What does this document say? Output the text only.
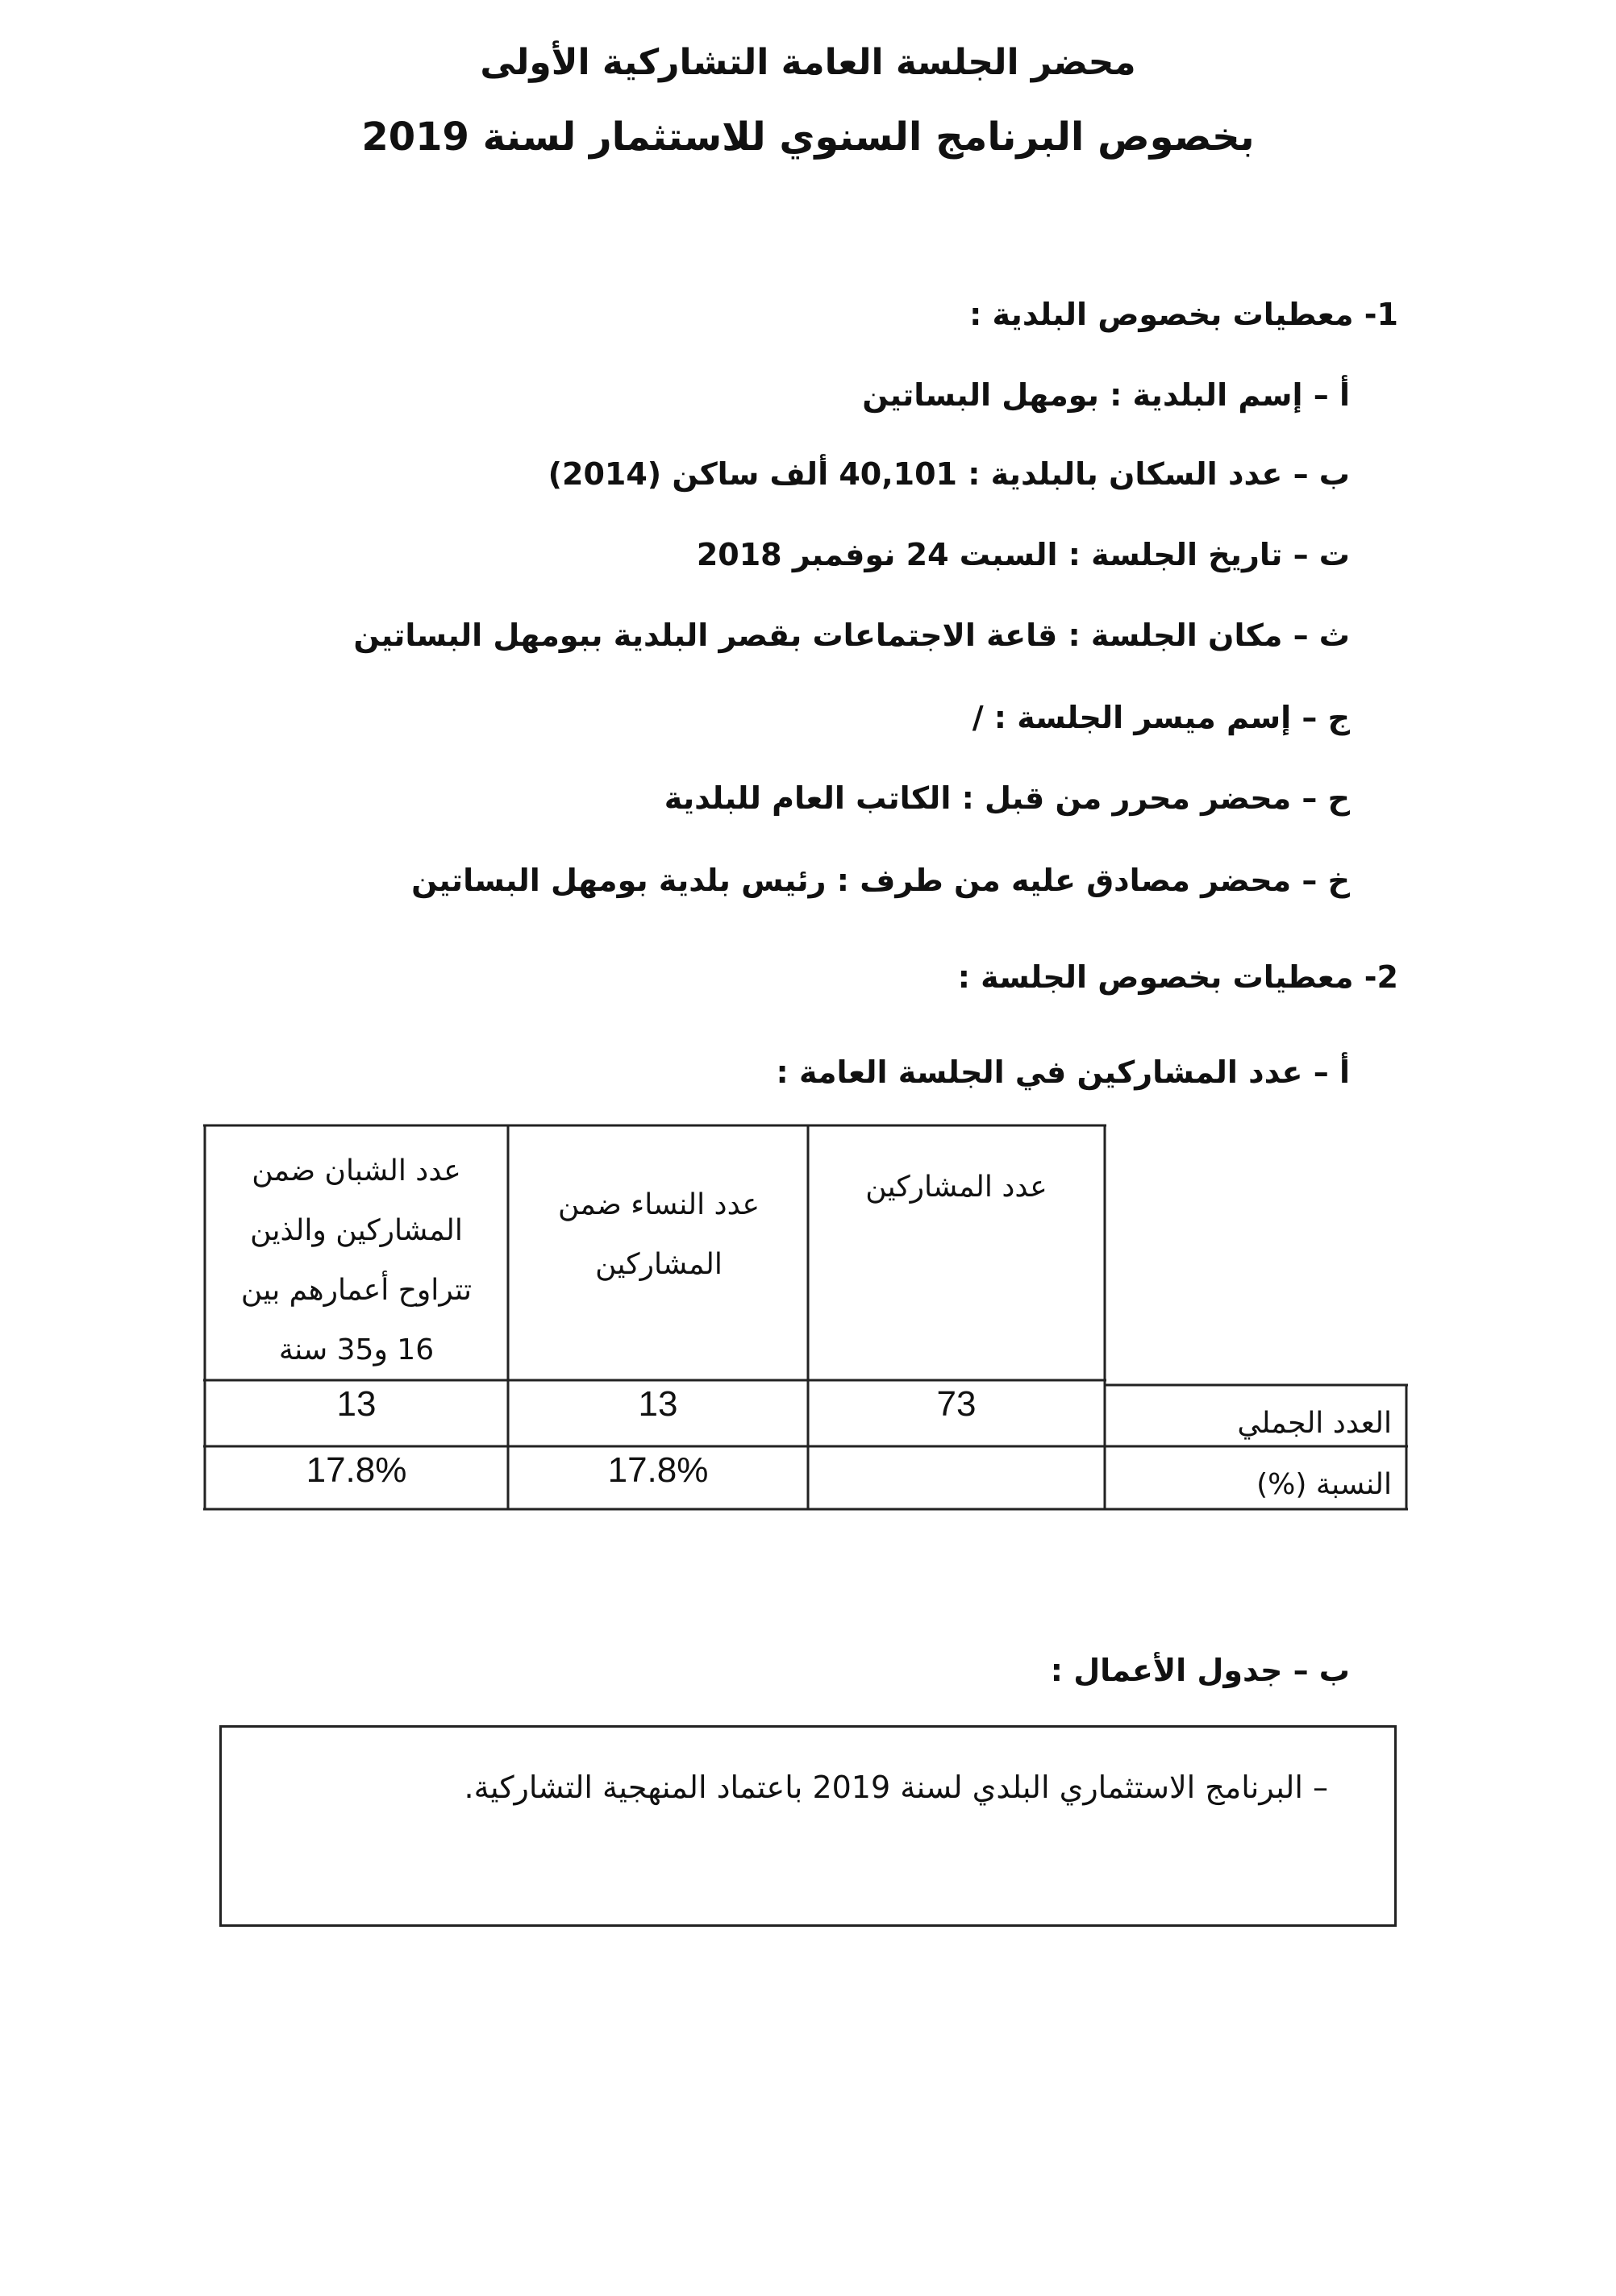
محضر الجلسة العامة التشاركية الأولى
بخصوص البرنامج السنوي للاستثمار لسنة 2019
1- معطيات بخصوص البلدية :
أ – إسم البلدية : بومهل البساتين
ب – عدد السكان بالبلدية : 40,101 ألف ساكن (2014)
ت – تاريخ الجلسة : السبت 24 نوفمبر 2018
ث – مكان الجلسة : قاعة الاجتماعات بقصر البلدية ببومهل البساتين
ج – إسم ميسر الجلسة : /
ح – محضر محرر من قبل : الكاتب العام للبلدية
خ – محضر مصادق عليه من طرف : رئيس بلدية بومهل البساتين
2- معطيات بخصوص الجلسة :
أ – عدد المشاركين في الجلسة العامة :
عدد المشاركين
عدد النساء ضمن المشاركين
عدد الشبان ضمن المشاركين والذين تتراوح أعمارهم بين 16 و35 سنة
العدد الجملي
73
13
13
النسبة (%)
17.8%
17.8%
ب – جدول الأعمال :
– البرنامج الاستثماري البلدي لسنة 2019 باعتماد المنهجية التشاركية.
